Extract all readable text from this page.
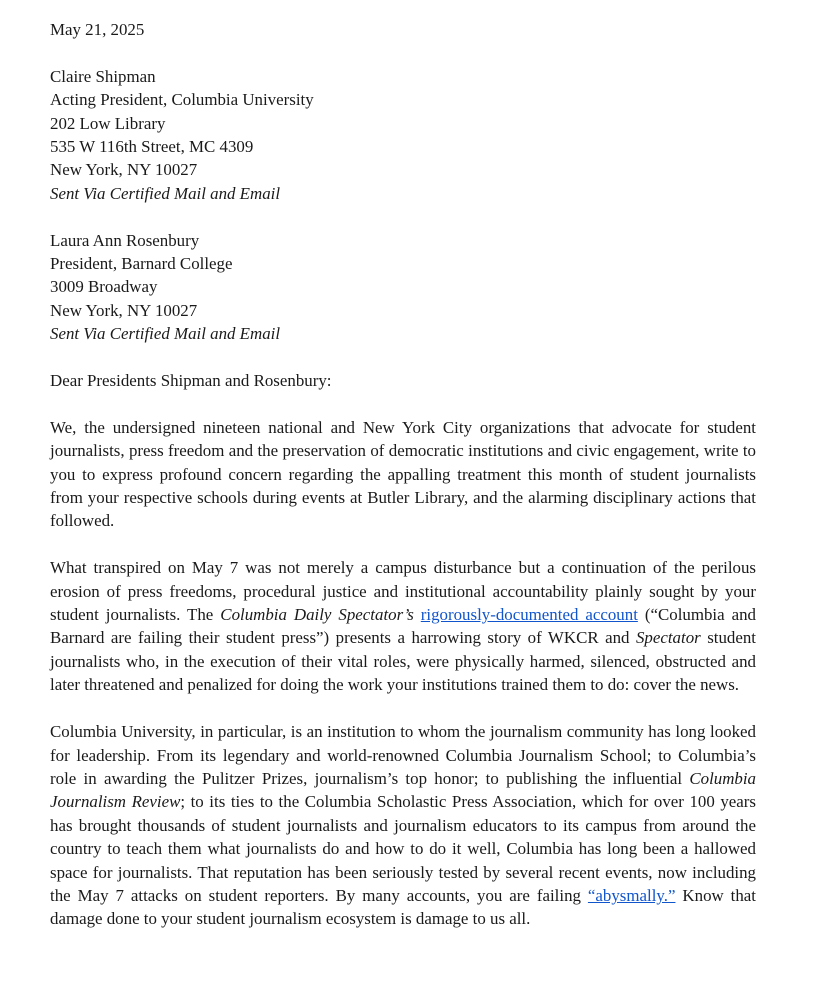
May 21, 2025
Claire Shipman
Acting President, Columbia University
202 Low Library
535 W 116th Street, MC 4309
New York, NY 10027
Sent Via Certified Mail and Email
Laura Ann Rosenbury
President, Barnard College
3009 Broadway
New York, NY 10027
Sent Via Certified Mail and Email
Dear Presidents Shipman and Rosenbury:

We, the undersigned nineteen national and New York City organizations that advocate for student journalists, press freedom and the preservation of democratic institutions and civic engagement, write to you to express profound concern regarding the appalling treatment this month of student journalists from your respective schools during events at Butler Library, and the alarming disciplinary actions that followed.

What transpired on May 7 was not merely a campus disturbance but a continuation of the perilous erosion of press freedoms, procedural justice and institutional accountability plainly sought by your student journalists. The Columbia Daily Spectator’s rigorously-documented account (“Columbia and Barnard are failing their student press”) presents a harrowing story of WKCR and Spectator student journalists who, in the execution of their vital roles, were physically harmed, silenced, obstructed and later threatened and penalized for doing the work your institutions trained them to do: cover the news.

Columbia University, in particular, is an institution to whom the journalism community has long looked for leadership. From its legendary and world-renowned Columbia Journalism School; to Columbia’s role in awarding the Pulitzer Prizes, journalism’s top honor; to publishing the influential Columbia Journalism Review; to its ties to the Columbia Scholastic Press Association, which for over 100 years has brought thousands of student journalists and journalism educators to its campus from around the country to teach them what journalists do and how to do it well, Columbia has long been a hallowed space for journalists. That reputation has been seriously tested by several recent events, now including the May 7 attacks on student reporters. By many accounts, you are failing “abysmally.” Know that damage done to your student journalism ecosystem is damage to us all.
